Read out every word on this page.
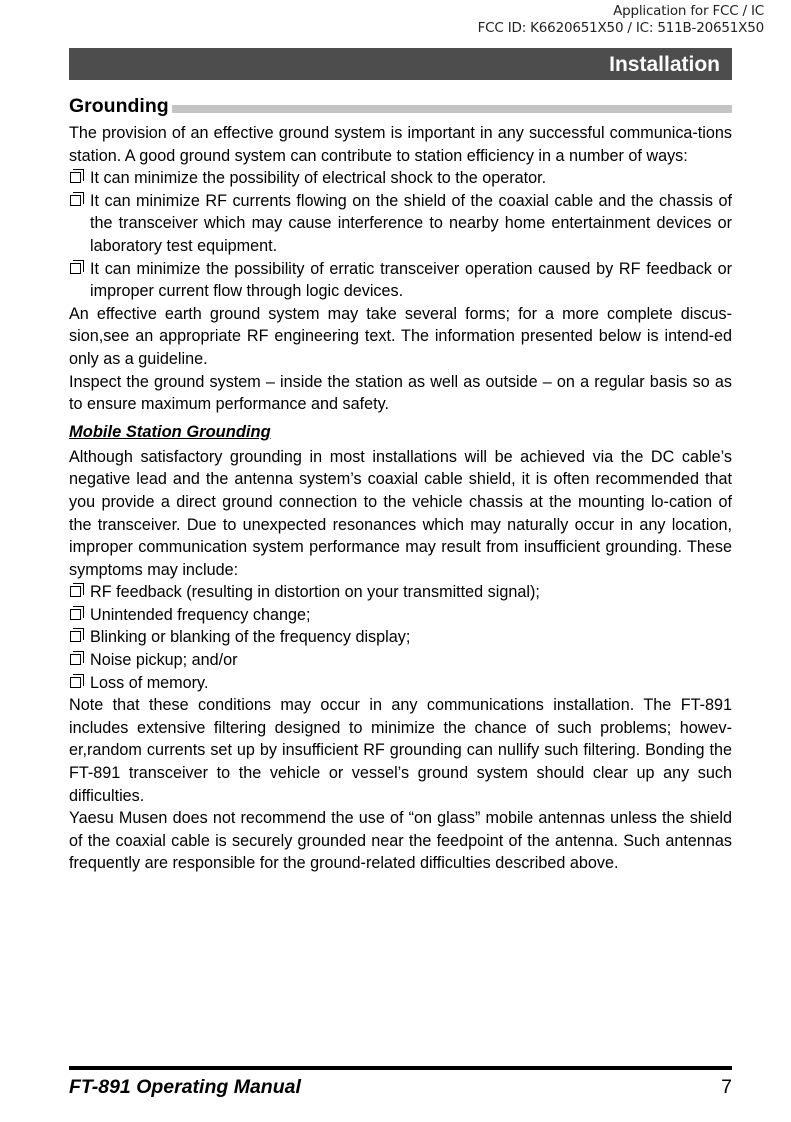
Application for FCC / IC
FCC ID: K6620651X50 / IC: 511B-20651X50
Installation
Grounding

The provision of an effective ground system is important in any successful communica-tions station. A good ground system can contribute to station efficiency in a number of ways:

It can minimize the possibility of electrical shock to the operator.
It can minimize RF currents flowing on the shield of the coaxial cable and the chassis of the transceiver which may cause interference to nearby home entertainment devices or laboratory test equipment.
It can minimize the possibility of erratic transceiver operation caused by RF feedback or improper current flow through logic devices.

An effective earth ground system may take several forms; for a more complete discus-sion,see an appropriate RF engineering text. The information presented below is intend-ed only as a guideline.

Inspect the ground system – inside the station as well as outside – on a regular basis so as to ensure maximum performance and safety.

Mobile Station Grounding

Although satisfactory grounding in most installations will be achieved via the DC cable’s negative lead and the antenna system’s coaxial cable shield, it is often recommended that you provide a direct ground connection to the vehicle chassis at the mounting lo-cation of the transceiver. Due to unexpected resonances which may naturally occur in any location, improper communication system performance may result from insufficient grounding. These symptoms may include:

RF feedback (resulting in distortion on your transmitted signal);
Unintended frequency change;
Blinking or blanking of the frequency display;
Noise pickup; and/or
Loss of memory.

Note that these conditions may occur in any communications installation. The FT-891 includes extensive filtering designed to minimize the chance of such problems; howev-er,random currents set up by insufficient RF grounding can nullify such filtering. Bonding the FT-891 transceiver to the vehicle or vessel’s ground system should clear up any such difficulties.

Yaesu Musen does not recommend the use of “on glass” mobile antennas unless the shield of the coaxial cable is securely grounded near the feedpoint of the antenna. Such antennas frequently are responsible for the ground-related difficulties described above.

FT-891 Operating Manual	7
